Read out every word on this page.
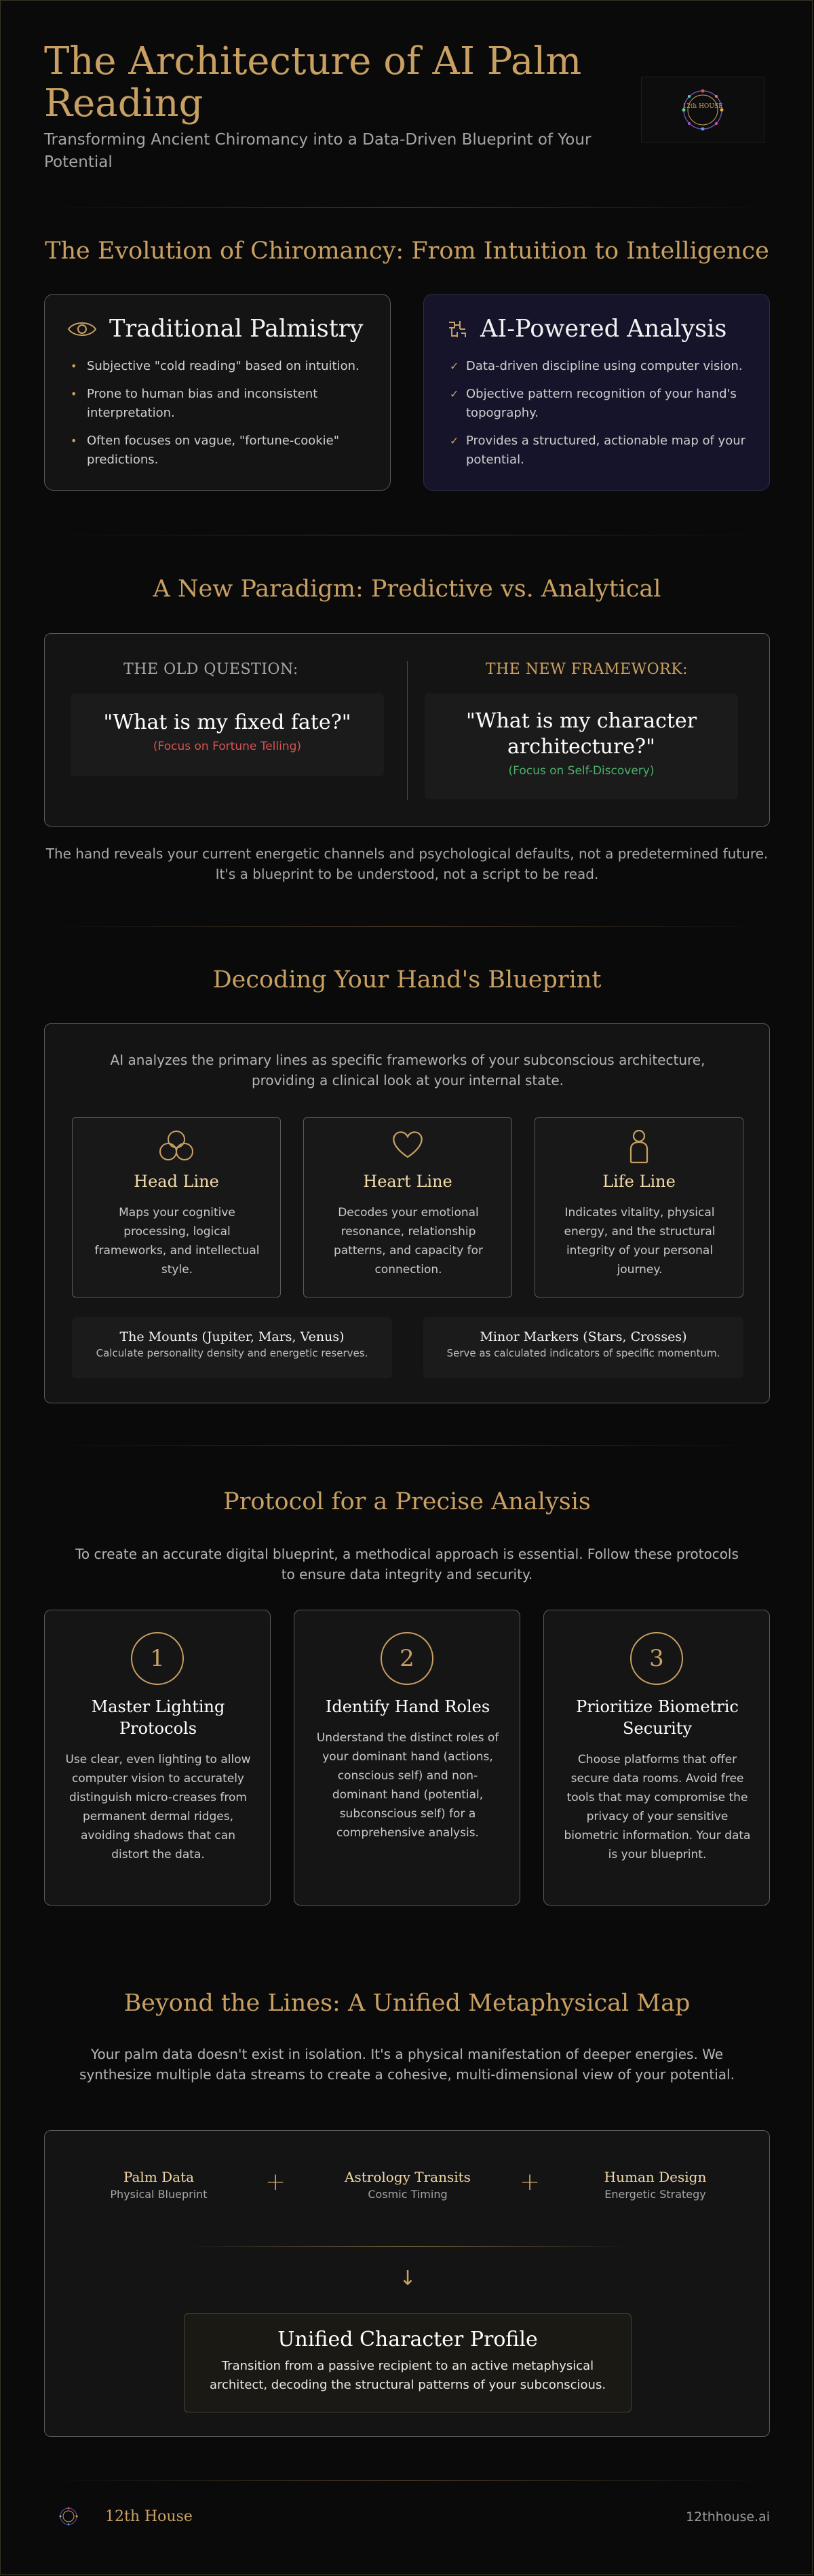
The Architecture of AI Palm Reading
Transforming Ancient Chiromancy into a Data-Driven Blueprint of Your Potential
12th HOUSE
The Evolution of Chiromancy: From Intuition to Intelligence
Traditional Palmistry
• Subjective "cold reading" based on intuition.
• Prone to human bias and inconsistent interpretation.
• Often focuses on vague, "fortune-cookie" predictions.
AI-Powered Analysis
✓ Data-driven discipline using computer vision.
✓ Objective pattern recognition of your hand's topography.
✓ Provides a structured, actionable map of your potential.
A New Paradigm: Predictive vs. Analytical
THE OLD QUESTION:
"What is my fixed fate?"
(Focus on Fortune Telling)
THE NEW FRAMEWORK:
"What is my character architecture?"
(Focus on Self-Discovery)
The hand reveals your current energetic channels and psychological defaults, not a predetermined future. It's a blueprint to be understood, not a script to be read.
Decoding Your Hand's Blueprint
AI analyzes the primary lines as specific frameworks of your subconscious architecture, providing a clinical look at your internal state.
Head Line

Maps your cognitive processing, logical frameworks, and intellectual style.

Heart Line

Decodes your emotional resonance, relationship patterns, and capacity for connection.

Life Line

Indicates vitality, physical energy, and the structural integrity of your personal journey.

The Mounts (Jupiter, Mars, Venus)
Calculate personality density and energetic reserves.
Minor Markers (Stars, Crosses)
Serve as calculated indicators of specific momentum.
Protocol for a Precise Analysis
To create an accurate digital blueprint, a methodical approach is essential. Follow these protocols to ensure data integrity and security.
1
Master Lighting Protocols

Use clear, even lighting to allow computer vision to accurately distinguish micro-creases from permanent dermal ridges, avoiding shadows that can distort the data.

2
Identify Hand Roles

Understand the distinct roles of your dominant hand (actions, conscious self) and non-dominant hand (potential, subconscious self) for a comprehensive analysis.

3
Prioritize Biometric Security

Choose platforms that offer secure data rooms. Avoid free tools that may compromise the privacy of your sensitive biometric information. Your data is your blueprint.

Beyond the Lines: A Unified Metaphysical Map
Your palm data doesn't exist in isolation. It's a physical manifestation of deeper energies. We synthesize multiple data streams to create a cohesive, multi-dimensional view of your potential.
Palm Data
Physical Blueprint	+	Astrology Transits
Cosmic Timing	+	Human Design
Energetic Strategy
↓
Unified Character Profile
Transition from a passive recipient to an active metaphysical architect, decoding the structural patterns of your subconscious.
12th House	12thhouse.ai
